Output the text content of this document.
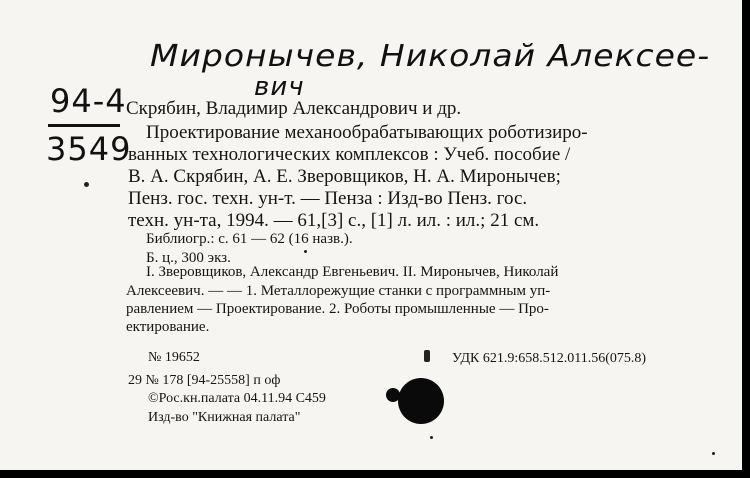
Миронычев, Николай Алексее-
вич
94-4
3549
Скрябин, Владимир Александрович и др.
Проектирование механообрабатывающих роботизиро-
ванных технологических комплексов : Учеб. пособие /
В. А. Скрябин, А. Е. Зверовщиков, Н. А. Миронычев;
Пенз. гос. техн. ун-т. — Пенза : Изд-во Пенз. гос.
техн. ун-та, 1994. — 61,[3] с., [1] л. ил. : ил.; 21 см.
Библиогр.: с. 61 — 62 (16 назв.).
Б. ц., 300 экз.
I. Зверовщиков, Александр Евгеньевич. II. Миронычев, Николай
Алексеевич. — — 1. Металлорежущие станки с программным уп-
равлением — Проектирование. 2. Роботы промышленные — Про-
ектирование.
№ 19652	УДК 621.9:658.512.011.56(075.8)
29 № 178 [94-25558] п оф
©Рос.кн.палата 04.11.94 С459
Изд-во "Книжная палата"
